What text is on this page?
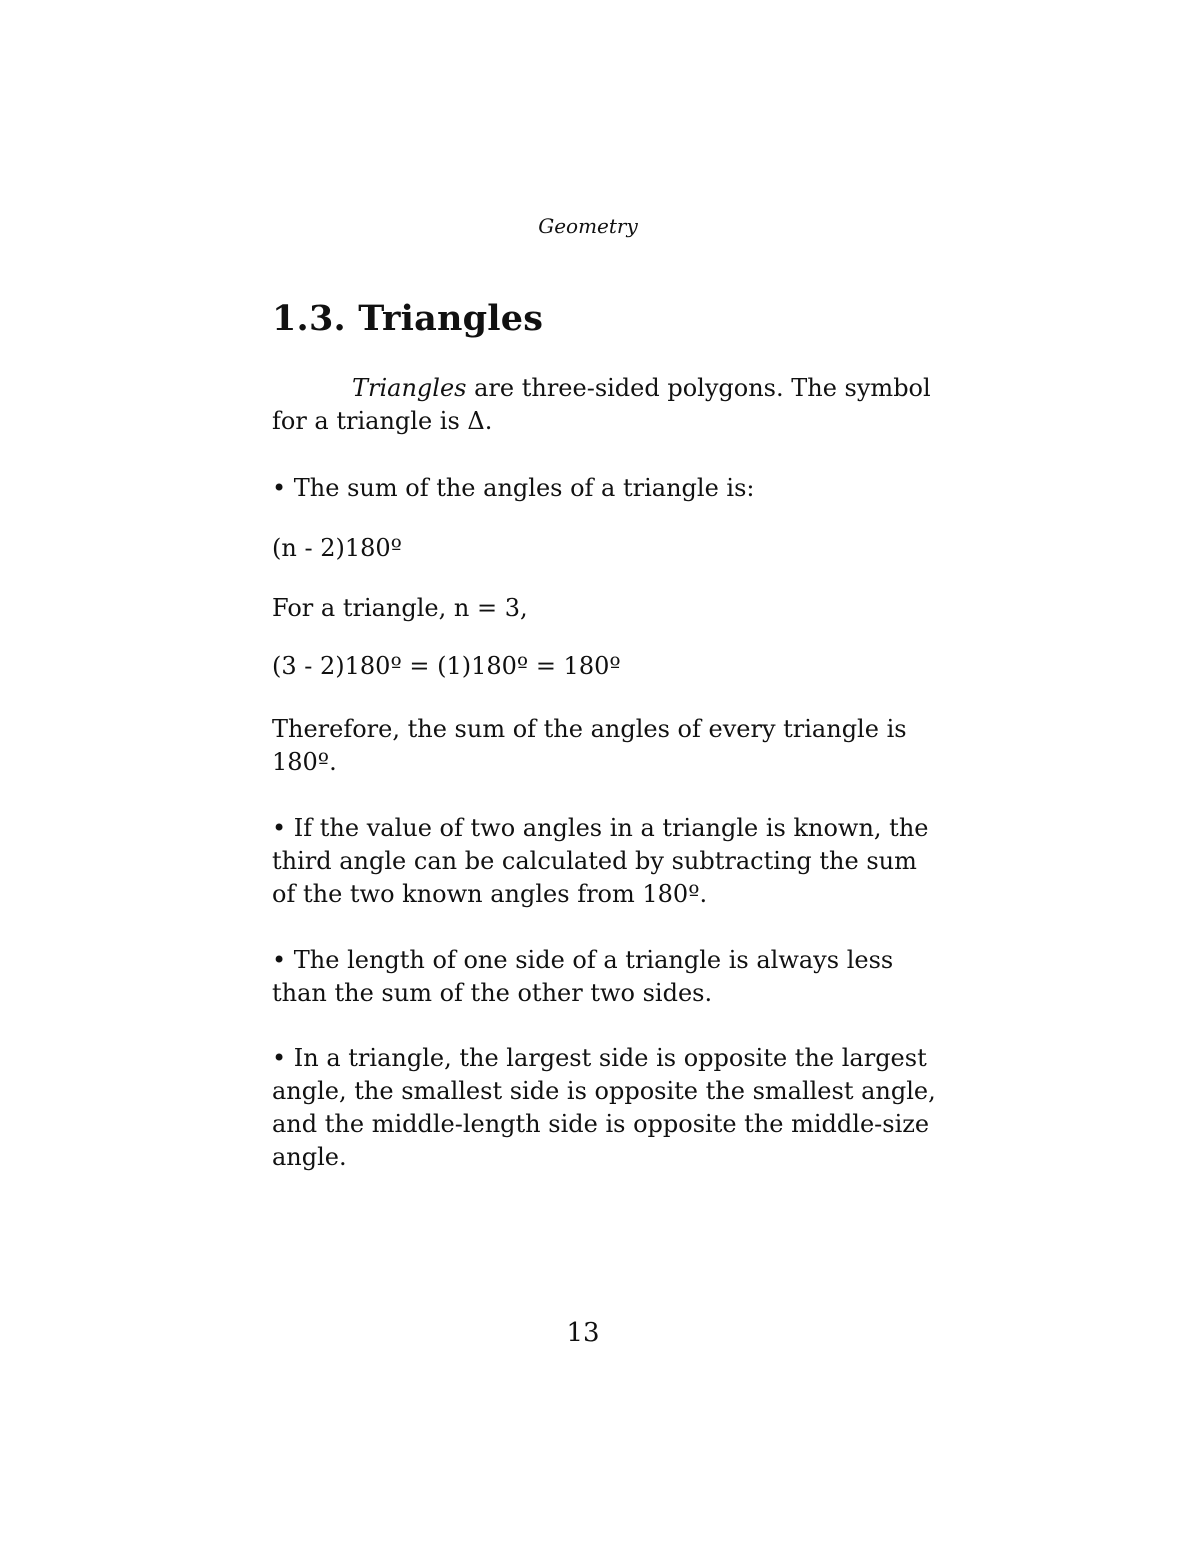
Geometry
1.3. Triangles

Triangles are three-sided polygons. The symbol for a triangle is Δ.

• The sum of the angles of a triangle is:

(n - 2)180º

For a triangle, n = 3,

(3 - 2)180º = (1)180º = 180º

Therefore, the sum of the angles of every triangle is 180º.

• If the value of two angles in a triangle is known, the third angle can be calculated by subtracting the sum of the two known angles from 180º.

• The length of one side of a triangle is always less than the sum of the other two sides.

• In a triangle, the largest side is opposite the largest angle, the smallest side is opposite the smallest angle, and the middle-length side is opposite the middle-size angle.

13
